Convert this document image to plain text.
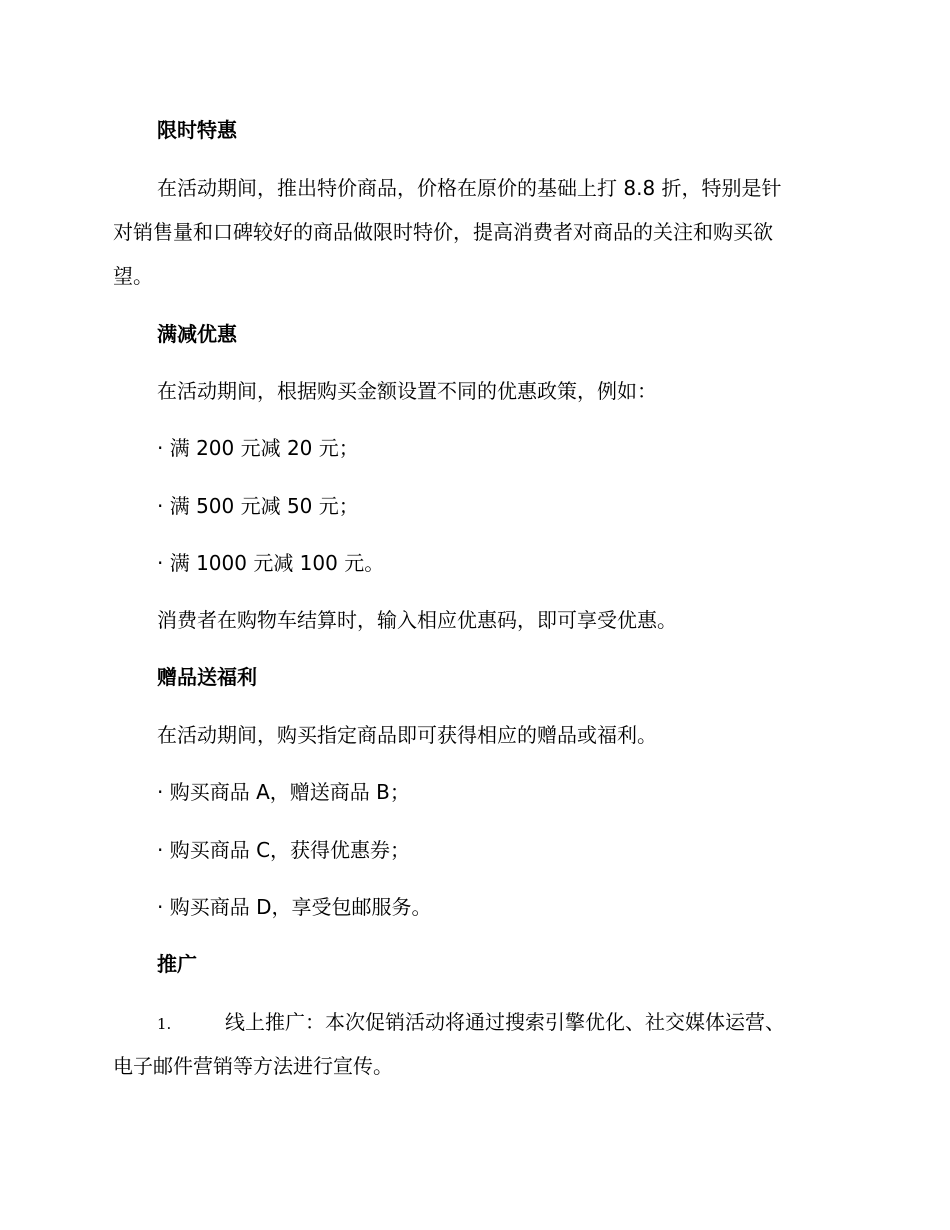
限时特惠
在活动期间，推出特价商品，价格在原价的基础上打 8.8 折，特别是针
对销售量和口碑较好的商品做限时特价，提高消费者对商品的关注和购买欲
望。
满减优惠
在活动期间，根据购买金额设置不同的优惠政策，例如：
· 满 200 元减 20 元；
· 满 500 元减 50 元；
· 满 1000 元减 100 元。
消费者在购物车结算时，输入相应优惠码，即可享受优惠。
赠品送福利
在活动期间，购买指定商品即可获得相应的赠品或福利。
· 购买商品 A，赠送商品 B；
· 购买商品 C，获得优惠券；
· 购买商品 D，享受包邮服务。
推广
1.	线上推广：本次促销活动将通过搜索引擎优化、社交媒体运营、
电子邮件营销等方法进行宣传。
